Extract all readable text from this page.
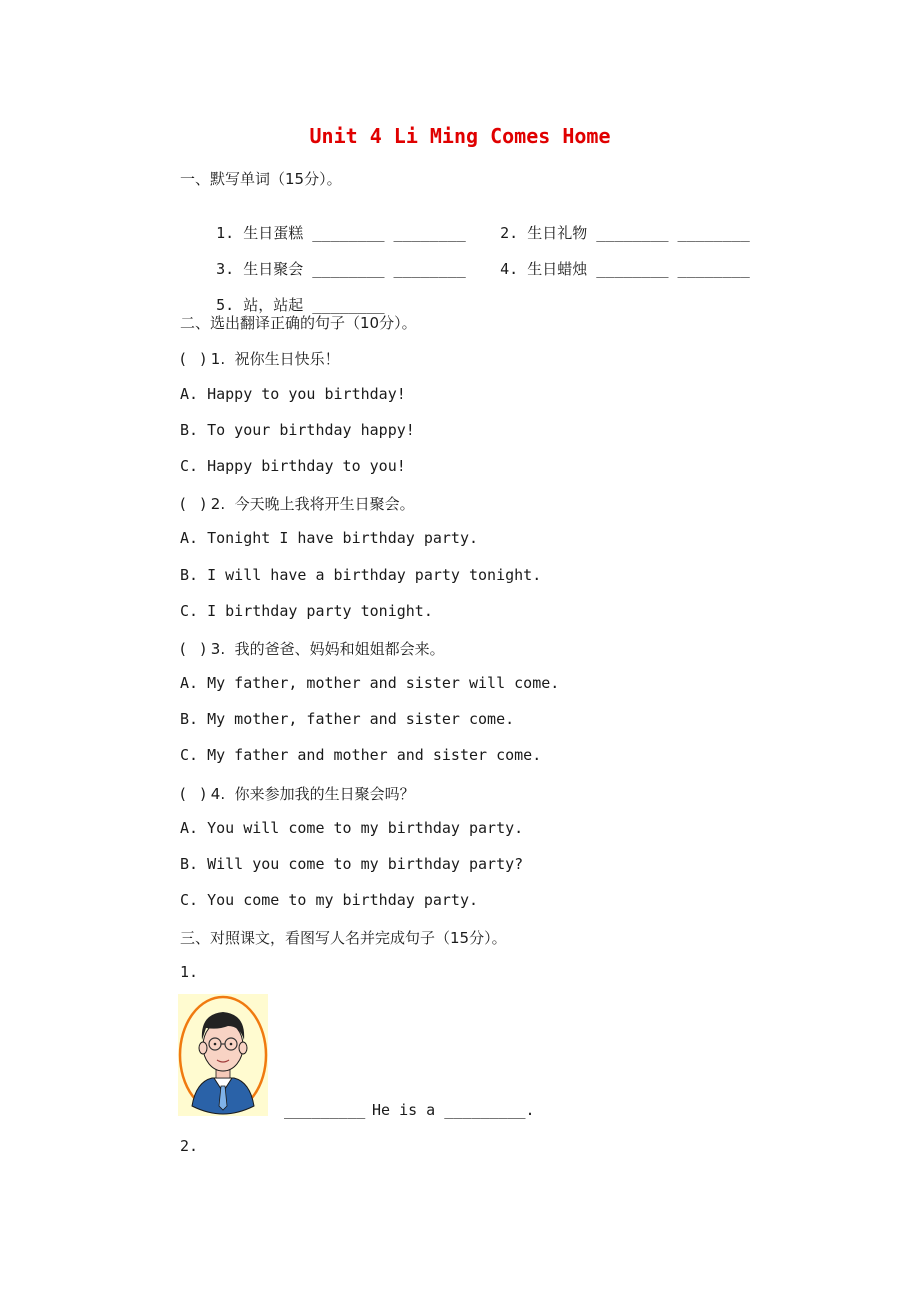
Unit 4 Li Ming Comes Home
一、默写单词（15分）。

1. 生日蛋糕 ________ ________
	2. 生日礼物 ________ ________

3. 生日聚会 ________ ________
	4. 生日蜡烛 ________ ________

5. 站，站起 ________

二、选出翻译正确的句子（10分）。
(   ) 1.  祝你生日快乐！
A. Happy to you birthday!
B. To your birthday happy!
C. Happy birthday to you!
(   ) 2.  今天晚上我将开生日聚会。
A. Tonight I have birthday party.
B. I will have a birthday party tonight.
C. I birthday party tonight.
(   ) 3.  我的爸爸、妈妈和姐姐都会来。
A. My father, mother and sister will come.
B. My mother, father and sister come.
C. My father and mother and sister come.
(   ) 4.  你来参加我的生日聚会吗？
A. You will come to my birthday party.
B. Will you come to my birthday party?
C. You come to my birthday party.
三、对照课文，看图写人名并完成句子（15分）。
1.
_________ He is a _________.
2.
